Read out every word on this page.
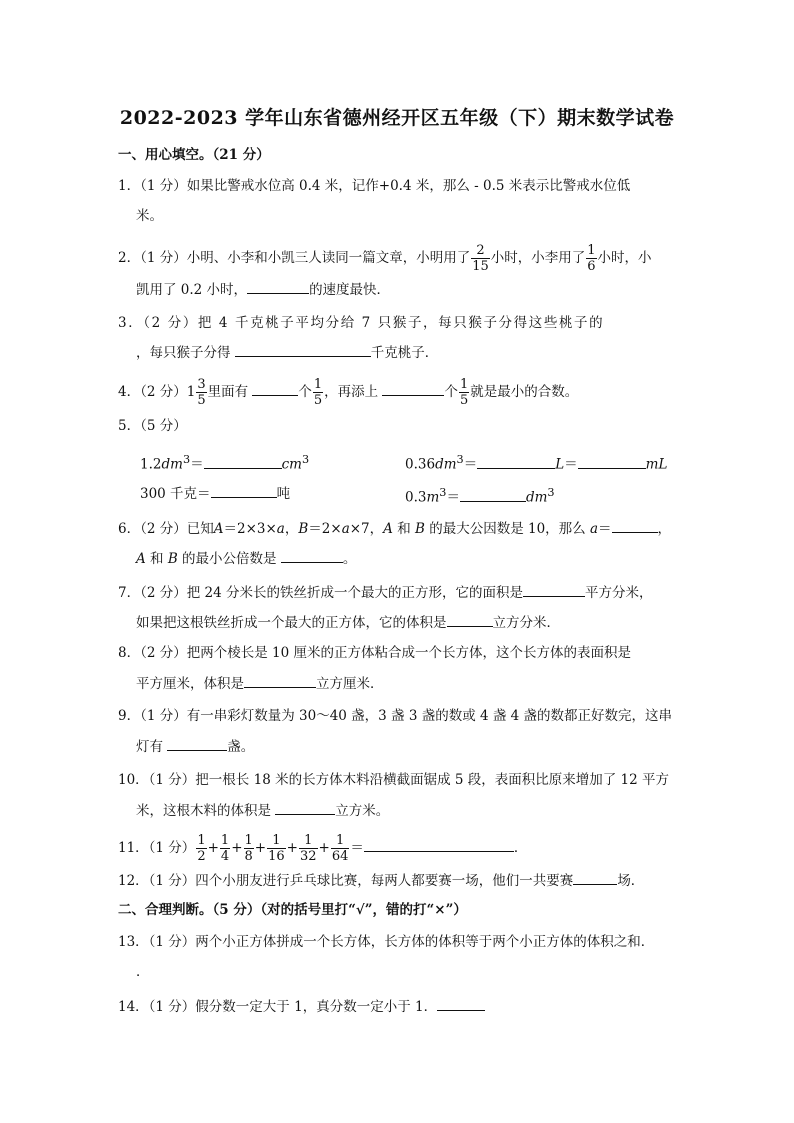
2022-2023 学年山东省德州经开区五年级（下）期末数学试卷
一、用心填空。（21 分）
1．（1 分）如果比警戒水位高 0.4 米，记作+0.4 米，那么 - 0.5 米表示比警戒水位低
米。
2．（1 分）小明、小李和小凯三人读同一篇文章，小明用了 $\frac{2}{15}$ 小时，小李用了 $\frac{1}{6}$ 小时，小
凯用了 0.2 小时，	的速度最快．
3．（2 分）把 4 千克桃子平均分给 7 只猴子，每只猴子分得这些桃子的
，每只猴子分得	千克桃子．
4．（2 分）$1 \frac{3}{5}$ 里面有	个 $\frac{1}{5}$ ，再添上	个 $\frac{1}{5}$ 就是最小的合数。
5．（5 分）
$1.2dm^3=$	$cm^3$	$0.36dm^3=$	L＝	mL
300 千克＝	吨	$0.3m^3=$	$dm^3$
6．（2 分）已知A＝2×3×a，B＝2×a×7，A 和 B 的最大公因数是 10，那么 a＝	，
A 和 B 的最小公倍数是	。
7．（2 分）把 24 分米长的铁丝折成一个最大的正方形，它的面积是	平方分米，
如果把这根铁丝折成一个最大的正方体，它的体积是	立方分米．
8．（2 分）把两个棱长是 10 厘米的正方体粘合成一个长方体，这个长方体的表面积是
平方厘米，体积是	立方厘米．
9．（1 分）有一串彩灯数量为 30～40 盏，3 盏 3 盏的数或 4 盏 4 盏的数都正好数完，这串
灯有	盏。
10．（1 分）把一根长 18 米的长方体木料沿横截面锯成 5 段，表面积比原来增加了 12 平方
米，这根木料的体积是	立方米。
11．（1 分） $\frac{1}{2} + \frac{1}{4} + \frac{1}{8} + \frac{1}{16} + \frac{1}{32} + \frac{1}{64}$ ＝	．
12．（1 分）四个小朋友进行乒乓球比赛，每两人都要赛一场，他们一共要赛	场．
二、合理判断。（5 分）（对的括号里打“√”，错的打“×”）
13．（1 分）两个小正方体拼成一个长方体，长方体的体积等于两个小正方体的体积之和．
．
14．（1 分）假分数一定大于 1，真分数一定小于 1．
